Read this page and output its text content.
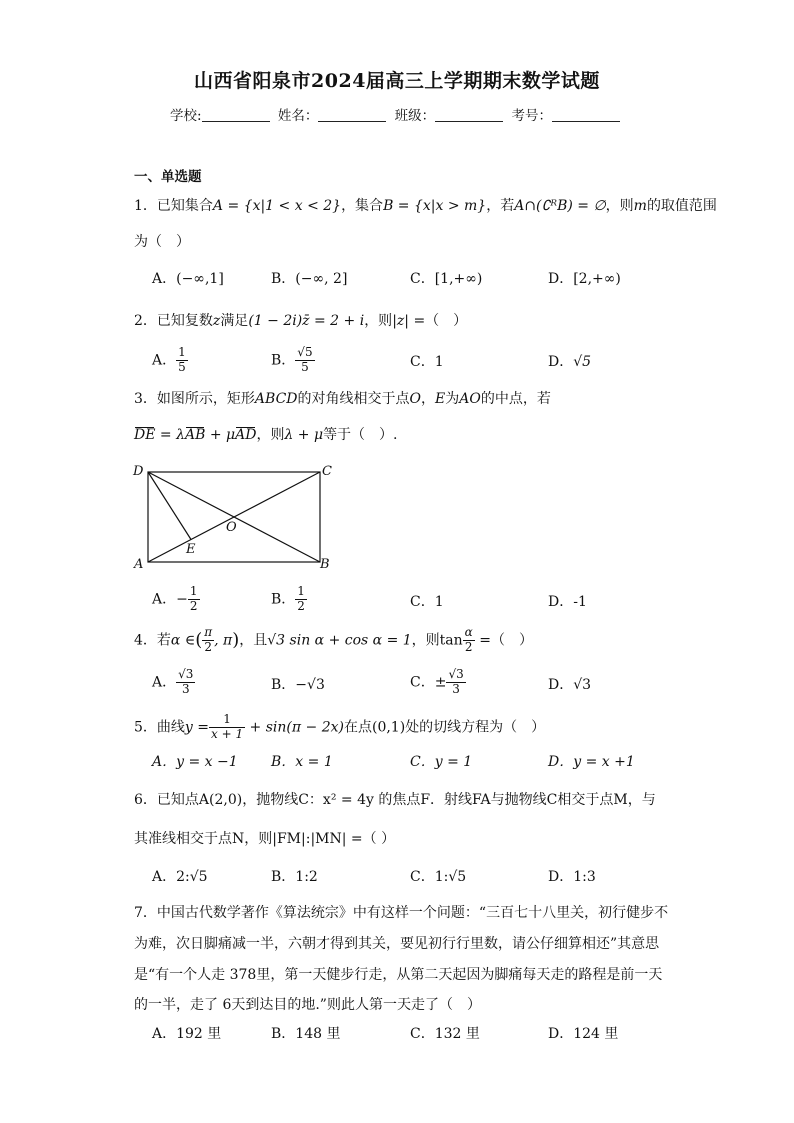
山西省阳泉市2024届高三上学期期末数学试题
学校:	姓名：	班级：	考号：
一、单选题
1．已知集合A = {x|1 < x < 2}，集合B = {x|x > m}，若A∩(∁ᴿB) = ∅，则m的取值范围
为（　）
A．(−∞,1]	B．(−∞, 2]	C．[1,+∞)	D．[2,+∞)
2．已知复数z满足(1 − 2i)z̄ = 2 + i，则|z| =（　）
A． $\frac{1}{5}$	B． $\frac{√5}{5}$	C．1	D．√5
3．如图所示，矩形ABCD的对角线相交于点O，E为AO的中点，若
DE = λAB + μAD，则λ + μ等于（　）.
D	C
A	B
O
E
A．− $\frac{1}{2}$	B． $\frac{1}{2}$	C．1	D．-1
4．若α ∈( $\frac{\pi}{2}$ , π)，且√3 sin α + cos α = 1，则$\tan \frac{\alpha}{2}$ =（　）
A． $\frac{√3}{3}$	B．−√3	C．± $\frac{√3}{3}$	D．√3
5．曲线$y = \frac{1}{x + 1} + \sin(\pi - 2x)$在点(0,1)处的切线方程为（　）
A．y = x −1 B．x = 1	C．y = 1	D．y = x +1
6．已知点A(2,0)，抛物线C：x² = 4y 的焦点F．射线FA与抛物线C相交于点M，与
其准线相交于点N，则|FM|:|MN| =（ ）
A．2:√5	B．1:2	C．1:√5	D．1:3
7．中国古代数学著作《算法统宗》中有这样一个问题：“三百七十八里关，初行健步不
为难，次日脚痛减一半，六朝才得到其关，要见初行行里数，请公仔细算相还”其意思
是“有一个人走 378里，第一天健步行走，从第二天起因为脚痛每天走的路程是前一天
的一半，走了 6天到达目的地.”则此人第一天走了（　）
A．192 里	B．148 里	C．132 里	D．124 里
